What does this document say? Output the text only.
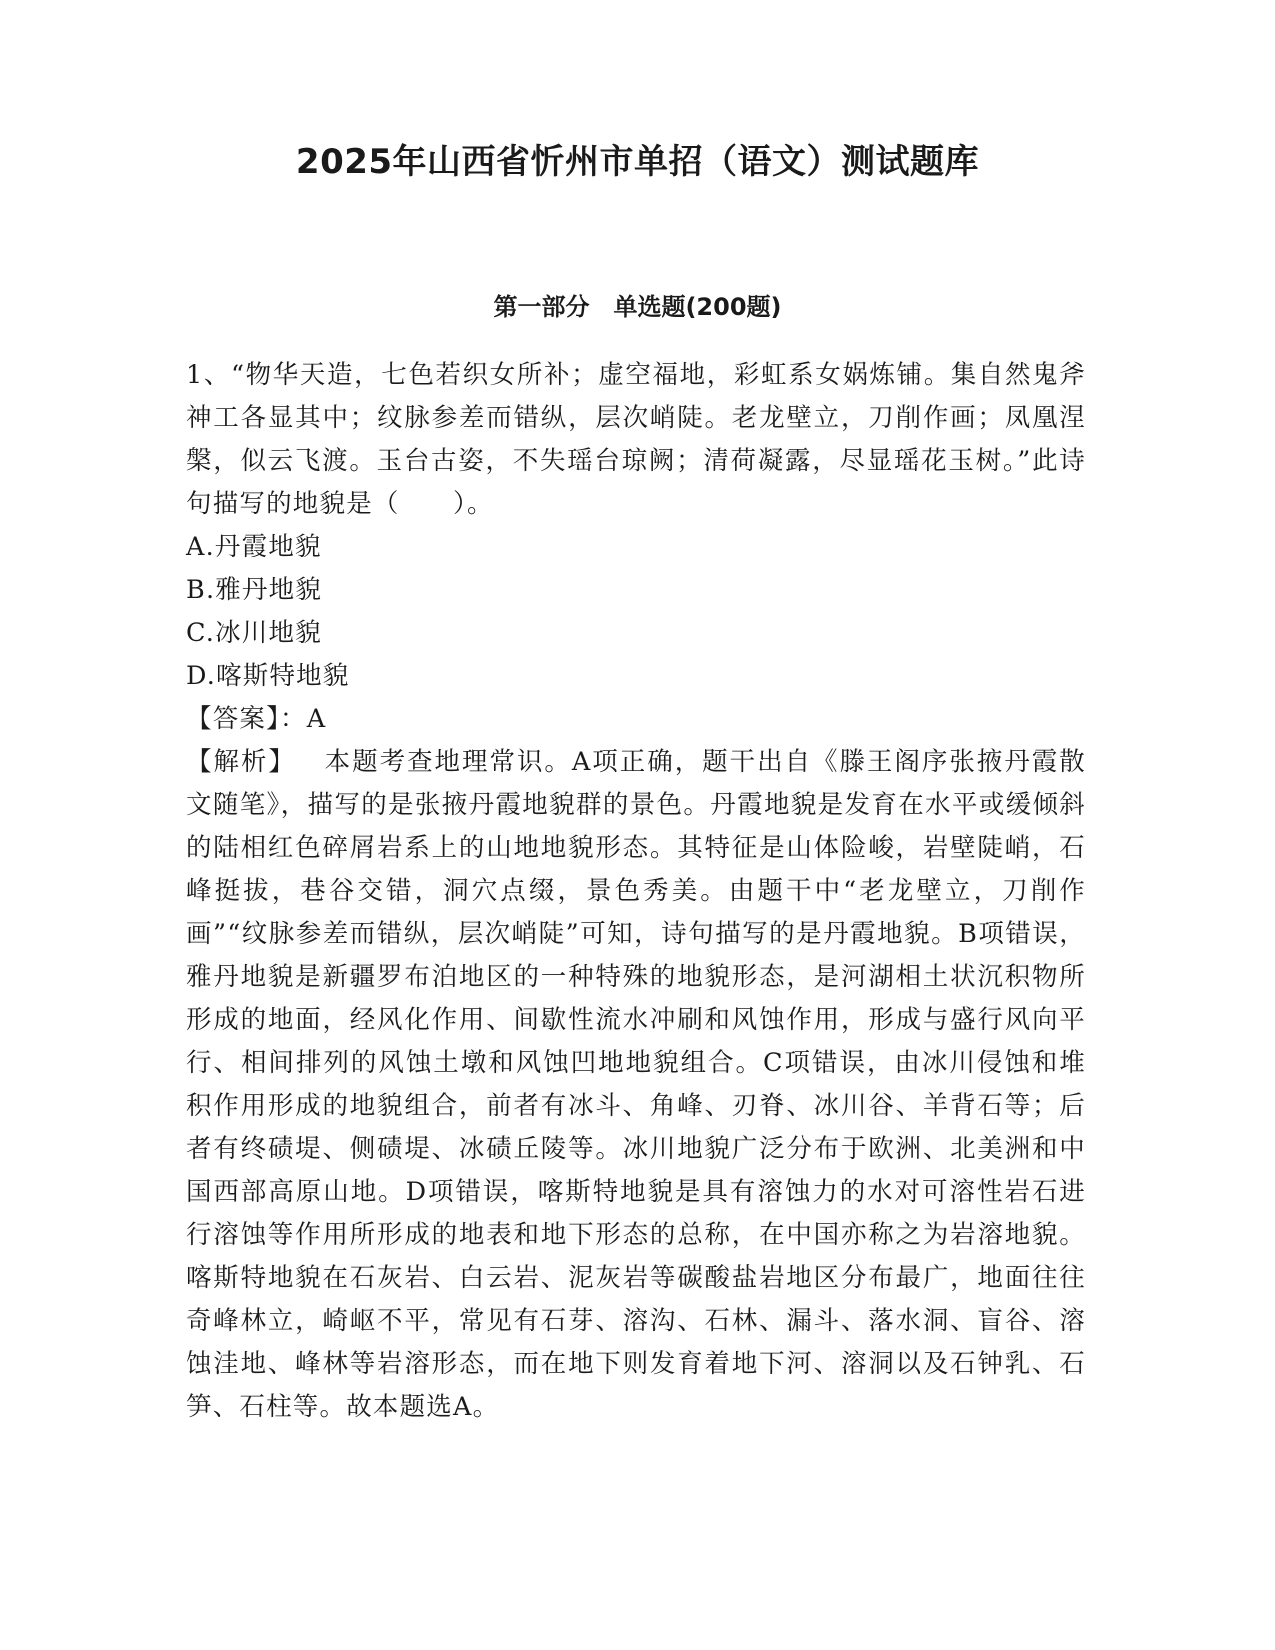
2025年山西省忻州市单招（语文）测试题库
第一部分　单选题(200题)

1、“物华天造，七色若织女所补；虚空福地，彩虹系女娲炼铺。集自然鬼斧神工各显其中；纹脉参差而错纵，层次峭陡。老龙壁立，刀削作画；凤凰涅槃，似云飞渡。玉台古姿，不失瑶台琼阙；清荷凝露，尽显瑶花玉树。”此诗句描写的地貌是（　　）。

A.丹霞地貌

B.雅丹地貌

C.冰川地貌

D.喀斯特地貌

【答案】：A

【解析】 本题考查地理常识。A项正确，题干出自《滕王阁序张掖丹霞散文随笔》，描写的是张掖丹霞地貌群的景色。丹霞地貌是发育在水平或缓倾斜的陆相红色碎屑岩系上的山地地貌形态。其特征是山体险峻，岩壁陡峭，石峰挺拔，巷谷交错，洞穴点缀，景色秀美。由题干中“老龙壁立，刀削作画”“纹脉参差而错纵，层次峭陡”可知，诗句描写的是丹霞地貌。B项错误，雅丹地貌是新疆罗布泊地区的一种特殊的地貌形态，是河湖相土状沉积物所形成的地面，经风化作用、间歇性流水冲刷和风蚀作用，形成与盛行风向平行、相间排列的风蚀土墩和风蚀凹地地貌组合。C项错误，由冰川侵蚀和堆积作用形成的地貌组合，前者有冰斗、角峰、刃脊、冰川谷、羊背石等；后者有终碛堤、侧碛堤、冰碛丘陵等。冰川地貌广泛分布于欧洲、北美洲和中国西部高原山地。D项错误，喀斯特地貌是具有溶蚀力的水对可溶性岩石进行溶蚀等作用所形成的地表和地下形态的总称，在中国亦称之为岩溶地貌。喀斯特地貌在石灰岩、白云岩、泥灰岩等碳酸盐岩地区分布最广，地面往往奇峰林立，崎岖不平，常见有石芽、溶沟、石林、漏斗、落水洞、盲谷、溶蚀洼地、峰林等岩溶形态，而在地下则发育着地下河、溶洞以及石钟乳、石笋、石柱等。故本题选A。
